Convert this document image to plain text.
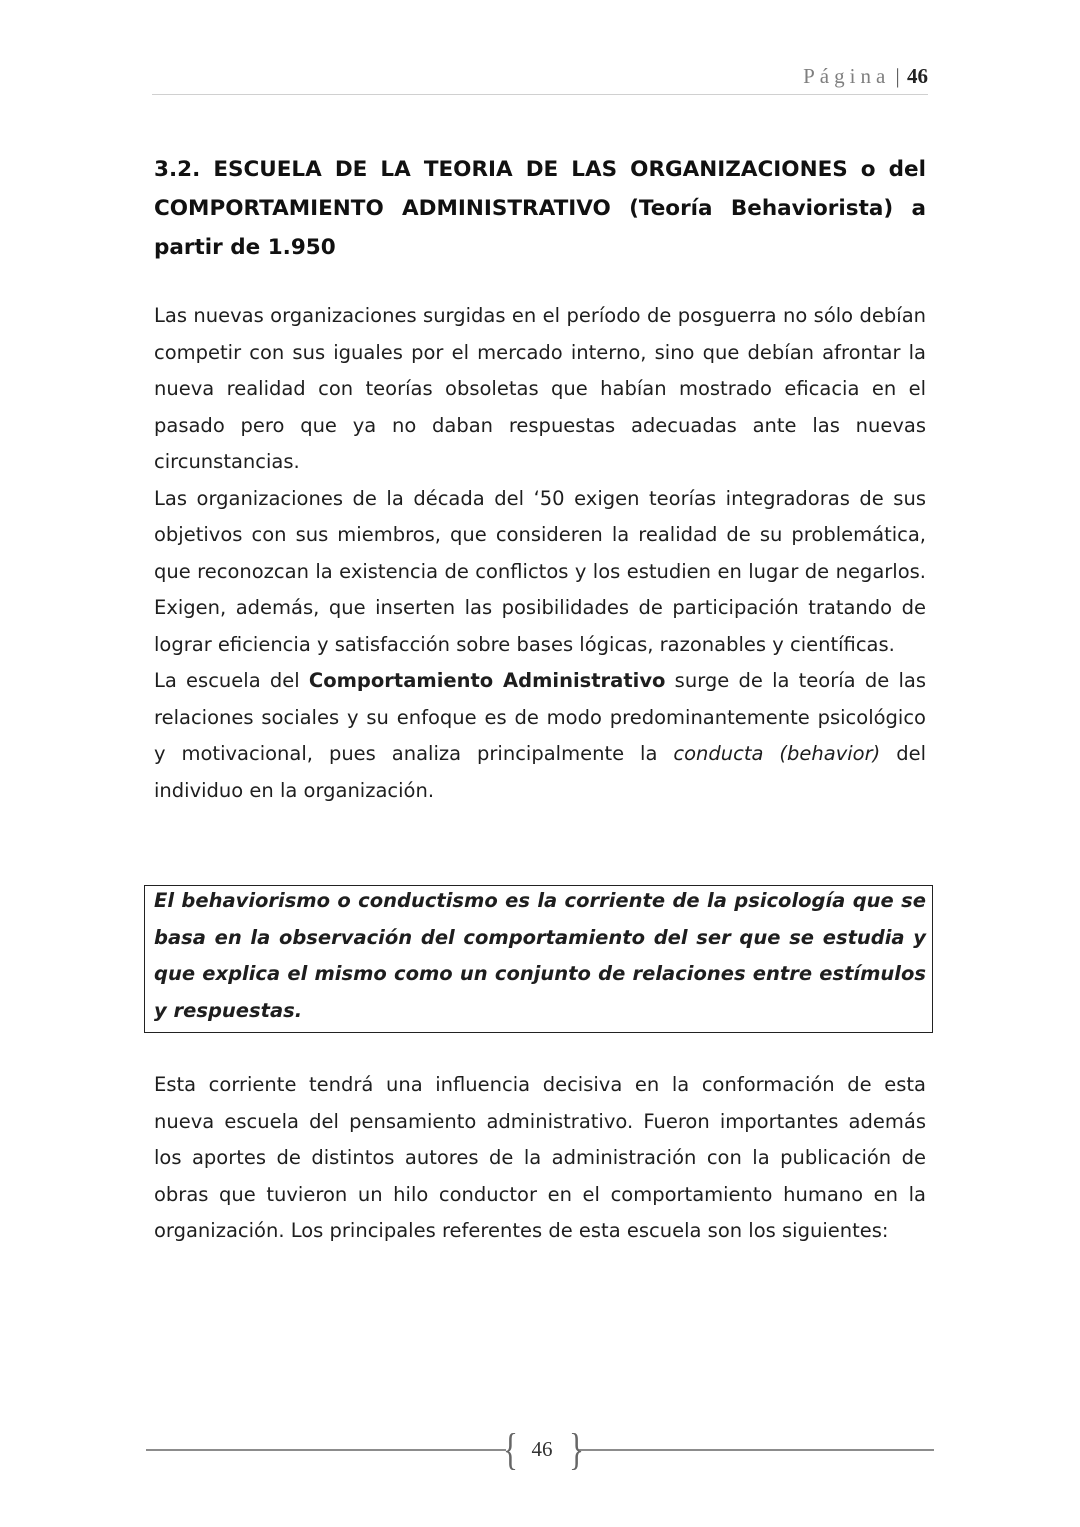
Página | 46
3.2. ESCUELA DE LA TEORIA DE LAS ORGANIZACIONES o del COMPORTAMIENTO ADMINISTRATIVO (Teoría Behaviorista) a partir de 1.950

Las nuevas organizaciones surgidas en el período de posguerra no sólo debían competir con sus iguales por el mercado interno, sino que debían afrontar la nueva realidad con teorías obsoletas que habían mostrado eficacia en el pasado pero que ya no daban respuestas adecuadas ante las nuevas circunstancias.

Las organizaciones de la década del ‘50 exigen teorías integradoras de sus objetivos con sus miembros, que consideren la realidad de su problemática, que reconozcan la existencia de conflictos y los estudien en lugar de negarlos. Exigen, además, que inserten las posibilidades de participación tratando de lograr eficiencia y satisfacción sobre bases lógicas, razonables y científicas.

La escuela del Comportamiento Administrativo surge de la teoría de las relaciones sociales y su enfoque es de modo predominantemente psicológico y motivacional, pues analiza principalmente la conducta (behavior) del individuo en la organización.

El behaviorismo o conductismo es la corriente de la psicología que se basa en la observación del comportamiento del ser que se estudia y que explica el mismo como un conjunto de relaciones entre estímulos y respuestas.

Esta corriente tendrá una influencia decisiva en la conformación de esta nueva escuela del pensamiento administrativo. Fueron importantes además los aportes de distintos autores de la administración con la publicación de obras que tuvieron un hilo conductor en el comportamiento humano en la organización. Los principales referentes de esta escuela son los siguientes:

{ 46 }
